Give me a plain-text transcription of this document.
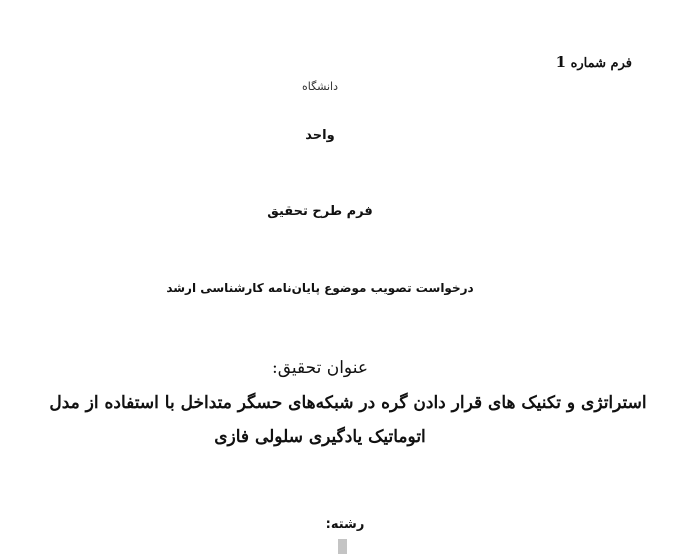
فرم شماره 1

دانشگاه

واحد

فرم طرح تحقیق

درخواست تصویب موضوع پایان‌نامه کارشناسی ارشد

عنوان تحقیق:

استراتژی و تکنیک های قرار دادن گره در شبکه‌های حسگر متداخل با استفاده از مدل

اتوماتیک یادگیری سلولی فازی

رشته:
